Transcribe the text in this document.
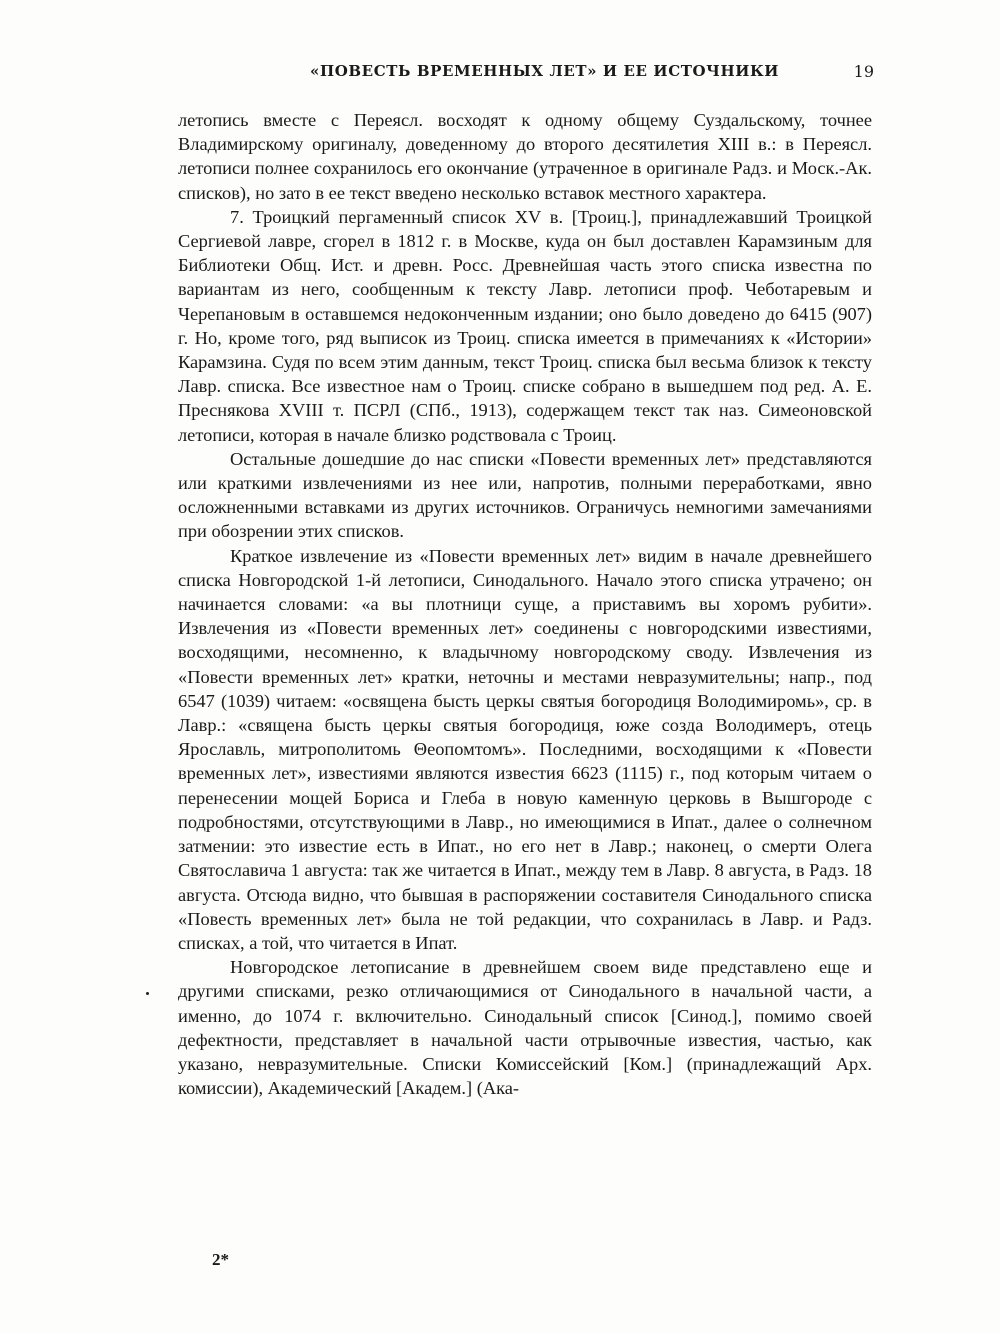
«ПОВЕСТЬ ВРЕМЕННЫХ ЛЕТ» И ЕЕ ИСТОЧНИКИ	19

летопись вместе с Переясл. восходят к одному общему Суздальскому, точнее Владимирскому оригиналу, доведенному до второго десятилетия XIII в.: в Переясл. летописи полнее сохранилось его окончание (утраченное в оригинале Радз. и Моск.-Ак. списков), но зато в ее текст введено несколько вставок местного характера.

7. Троицкий пергаменный список XV в. [Троиц.], принадлежавший Троицкой Сергиевой лавре, сгорел в 1812 г. в Москве, куда он был доставлен Карамзиным для Библиотеки Общ. Ист. и древн. Росс. Древнейшая часть этого списка известна по вариантам из него, сообщенным к тексту Лавр. летописи проф. Чеботаревым и Черепановым в оставшемся недоконченным издании; оно было доведено до 6415 (907) г. Но, кроме того, ряд выписок из Троиц. списка имеется в примечаниях к «Истории» Карамзина. Судя по всем этим данным, текст Троиц. списка был весьма близок к тексту Лавр. списка. Все известное нам о Троиц. списке собрано в вышедшем под ред. А. Е. Преснякова XVIII т. ПСРЛ (СПб., 1913), содержащем текст так наз. Симеоновской летописи, которая в начале близко родствовала с Троиц.

Остальные дошедшие до нас списки «Повести временных лет» представляются или краткими извлечениями из нее или, напротив, полными переработками, явно осложненными вставками из других источников. Ограничусь немногими замечаниями при обозрении этих списков.

Краткое извлечение из «Повести временных лет» видим в начале древнейшего списка Новгородской 1-й летописи, Синодального. Начало этого списка утрачено; он начинается словами: «а вы плотници суще, а приставимъ вы хоромъ рубити». Извлечения из «Повести временных лет» соединены с новгородскими известиями, восходящими, несомненно, к владычному новгородскому своду. Извлечения из «Повести временных лет» кратки, неточны и местами невразумительны; напр., под 6547 (1039) читаем: «освящена бысть церкы святыя богородиця Володимиромь», ср. в Лавр.: «священа бысть церкы святыя богородиця, юже созда Володимеръ, отець Ярославль, митрополитомь Θеопомтомъ». Последними, восходящими к «Повести временных лет», известиями являются известия 6623 (1115) г., под которым читаем о перенесении мощей Бориса и Глеба в новую каменную церковь в Вышгороде с подробностями, отсутствующими в Лавр., но имеющимися в Ипат., далее о солнечном затмении: это известие есть в Ипат., но его нет в Лавр.; наконец, о смерти Олега Святославича 1 августа: так же читается в Ипат., между тем в Лавр. 8 августа, в Радз. 18 августа. Отсюда видно, что бывшая в распоряжении составителя Синодального списка «Повесть временных лет» была не той редакции, что сохранилась в Лавр. и Радз. списках, а той, что читается в Ипат.

Новгородское летописание в древнейшем своем виде представлено еще и другими списками, резко отличающимися от Синодального в начальной части, а именно, до 1074 г. включительно. Синодальный список [Синод.], помимо своей дефектности, представляет в начальной части отрывочные известия, частью, как указано, невразумительные. Списки Комиссейский [Ком.] (принадлежащий Арх. комиссии), Академический [Академ.] (Ака-

2*
